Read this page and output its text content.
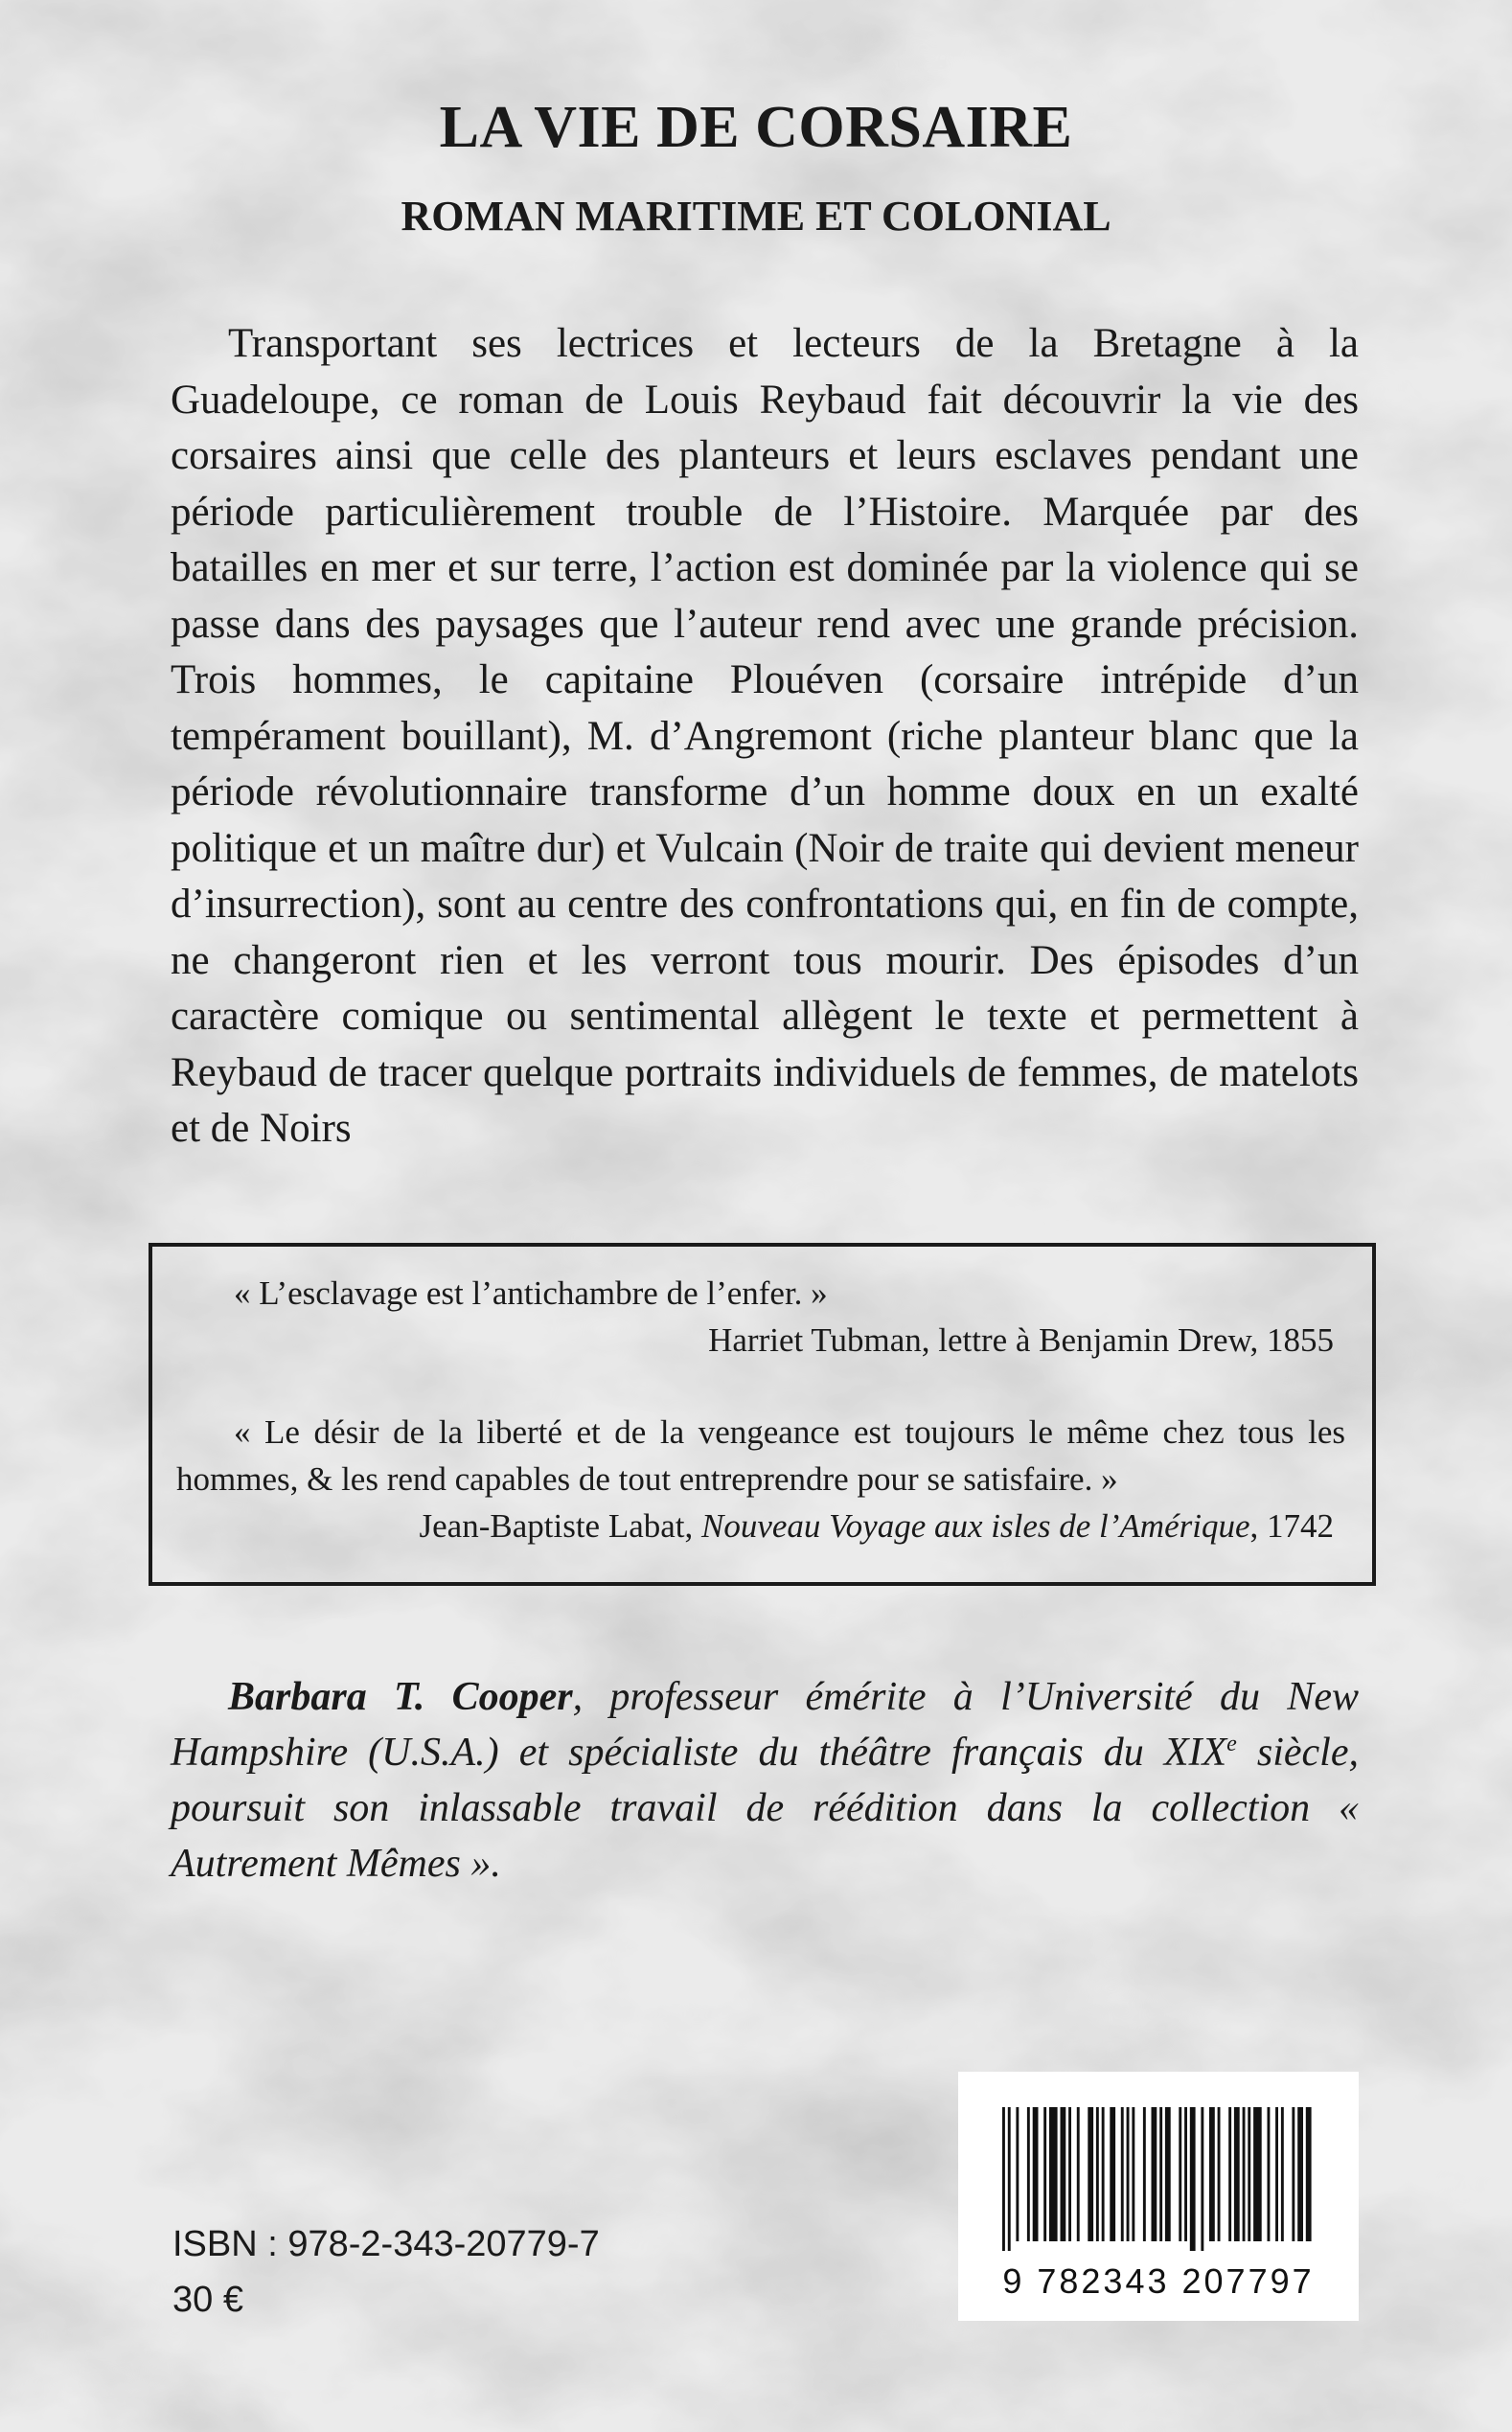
LA VIE DE CORSAIRE
ROMAN MARITIME ET COLONIAL

Transportant ses lectrices et lecteurs de la Bretagne à la Guadeloupe, ce roman de Louis Reybaud fait découvrir la vie des corsaires ainsi que celle des planteurs et leurs esclaves pendant une période particulièrement trouble de l’Histoire. Marquée par des batailles en mer et sur terre, l’action est dominée par la violence qui se passe dans des paysages que l’auteur rend avec une grande précision. Trois hommes, le capitaine Plouéven (corsaire intrépide d’un tempérament bouillant), M. d’Angremont (riche planteur blanc que la période révolutionnaire transforme d’un homme doux en un exalté politique et un maître dur) et Vulcain (Noir de traite qui devient meneur d’insurrection), sont au centre des confrontations qui, en fin de compte, ne changeront rien et les verront tous mourir. Des épisodes d’un caractère comique ou sentimental allègent le texte et permettent à Reybaud de tracer quelque portraits individuels de femmes, de matelots et de Noirs

« L’esclavage est l’antichambre de l’enfer. »
Harriet Tubman, lettre à Benjamin Drew, 1855
« Le désir de la liberté et de la vengeance est toujours le même chez tous les hommes, & les rend capables de tout entreprendre pour se satisfaire. »
Jean-Baptiste Labat, Nouveau Voyage aux isles de l’Amérique, 1742

Barbara T. Cooper, professeur émérite à l’Université du New Hampshire (U.S.A.) et spécialiste du théâtre français du XIXe siècle, poursuit son inlassable travail de réédition dans la collection « Autrement Mêmes ».

ISBN : 978-2-343-20779-7
30 €	9 782343 207797
